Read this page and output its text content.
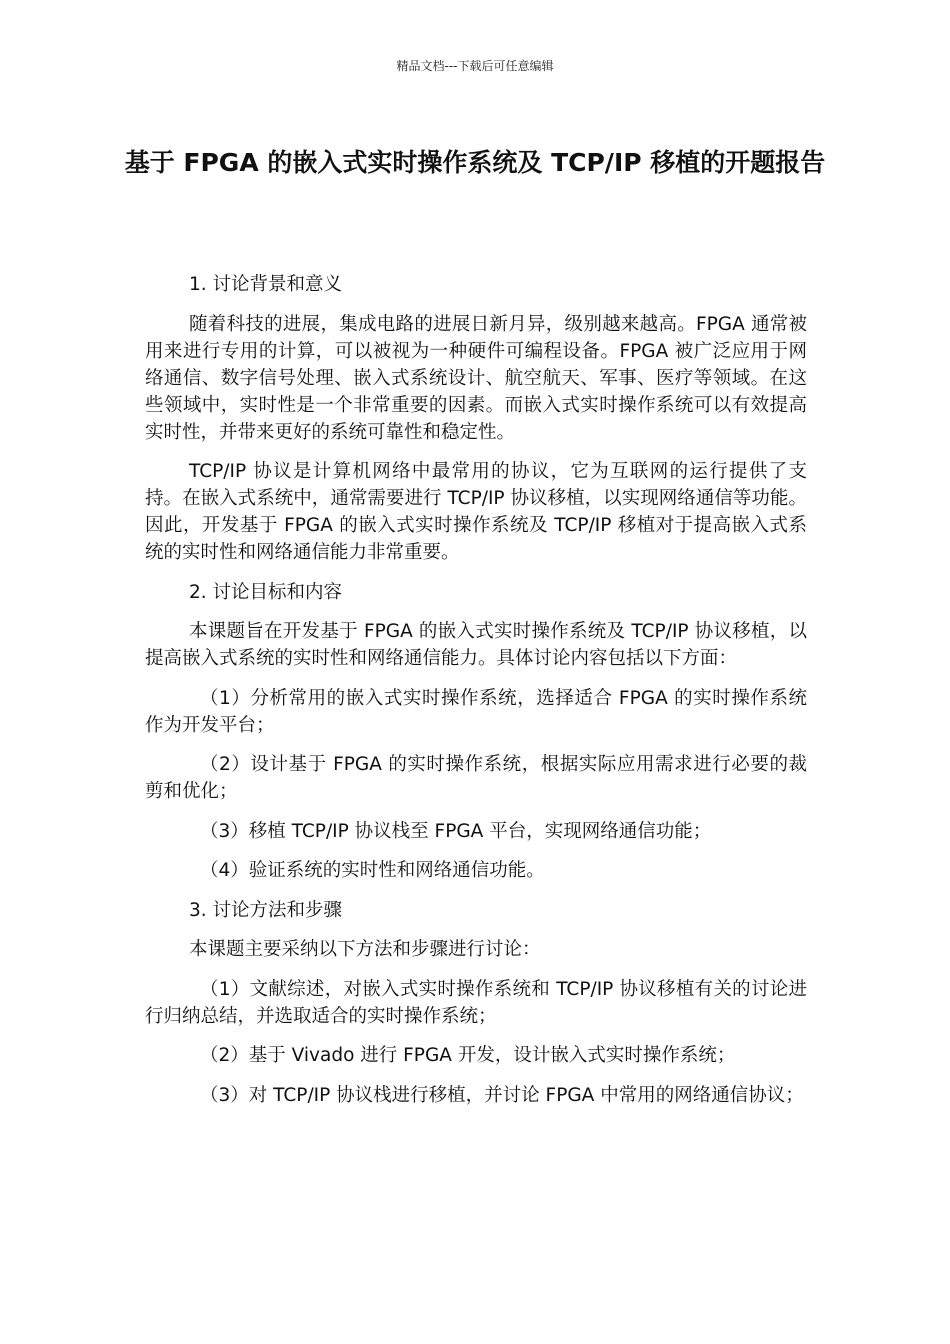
精品文档---下载后可任意编辑
基于 FPGA 的嵌入式实时操作系统及 TCP/IP 移植的开题报告

1. 讨论背景和意义

随着科技的进展，集成电路的进展日新月异，级别越来越高。FPGA 通常被用来进行专用的计算，可以被视为一种硬件可编程设备。FPGA 被广泛应用于网络通信、数字信号处理、嵌入式系统设计、航空航天、军事、医疗等领域。在这些领域中，实时性是一个非常重要的因素。而嵌入式实时操作系统可以有效提高实时性，并带来更好的系统可靠性和稳定性。

TCP/IP 协议是计算机网络中最常用的协议，它为互联网的运行提供了支持。在嵌入式系统中，通常需要进行 TCP/IP 协议移植，以实现网络通信等功能。因此，开发基于 FPGA 的嵌入式实时操作系统及 TCP/IP 移植对于提高嵌入式系统的实时性和网络通信能力非常重要。

2. 讨论目标和内容

本课题旨在开发基于 FPGA 的嵌入式实时操作系统及 TCP/IP 协议移植，以提高嵌入式系统的实时性和网络通信能力。具体讨论内容包括以下方面：

（1）分析常用的嵌入式实时操作系统，选择适合 FPGA 的实时操作系统作为开发平台；

（2）设计基于 FPGA 的实时操作系统，根据实际应用需求进行必要的裁剪和优化；

（3）移植 TCP/IP 协议栈至 FPGA 平台，实现网络通信功能；

（4）验证系统的实时性和网络通信功能。

3. 讨论方法和步骤

本课题主要采纳以下方法和步骤进行讨论：

（1）文献综述，对嵌入式实时操作系统和 TCP/IP 协议移植有关的讨论进行归纳总结，并选取适合的实时操作系统；

（2）基于 Vivado 进行 FPGA 开发，设计嵌入式实时操作系统；

（3）对 TCP/IP 协议栈进行移植，并讨论 FPGA 中常用的网络通信协议；
